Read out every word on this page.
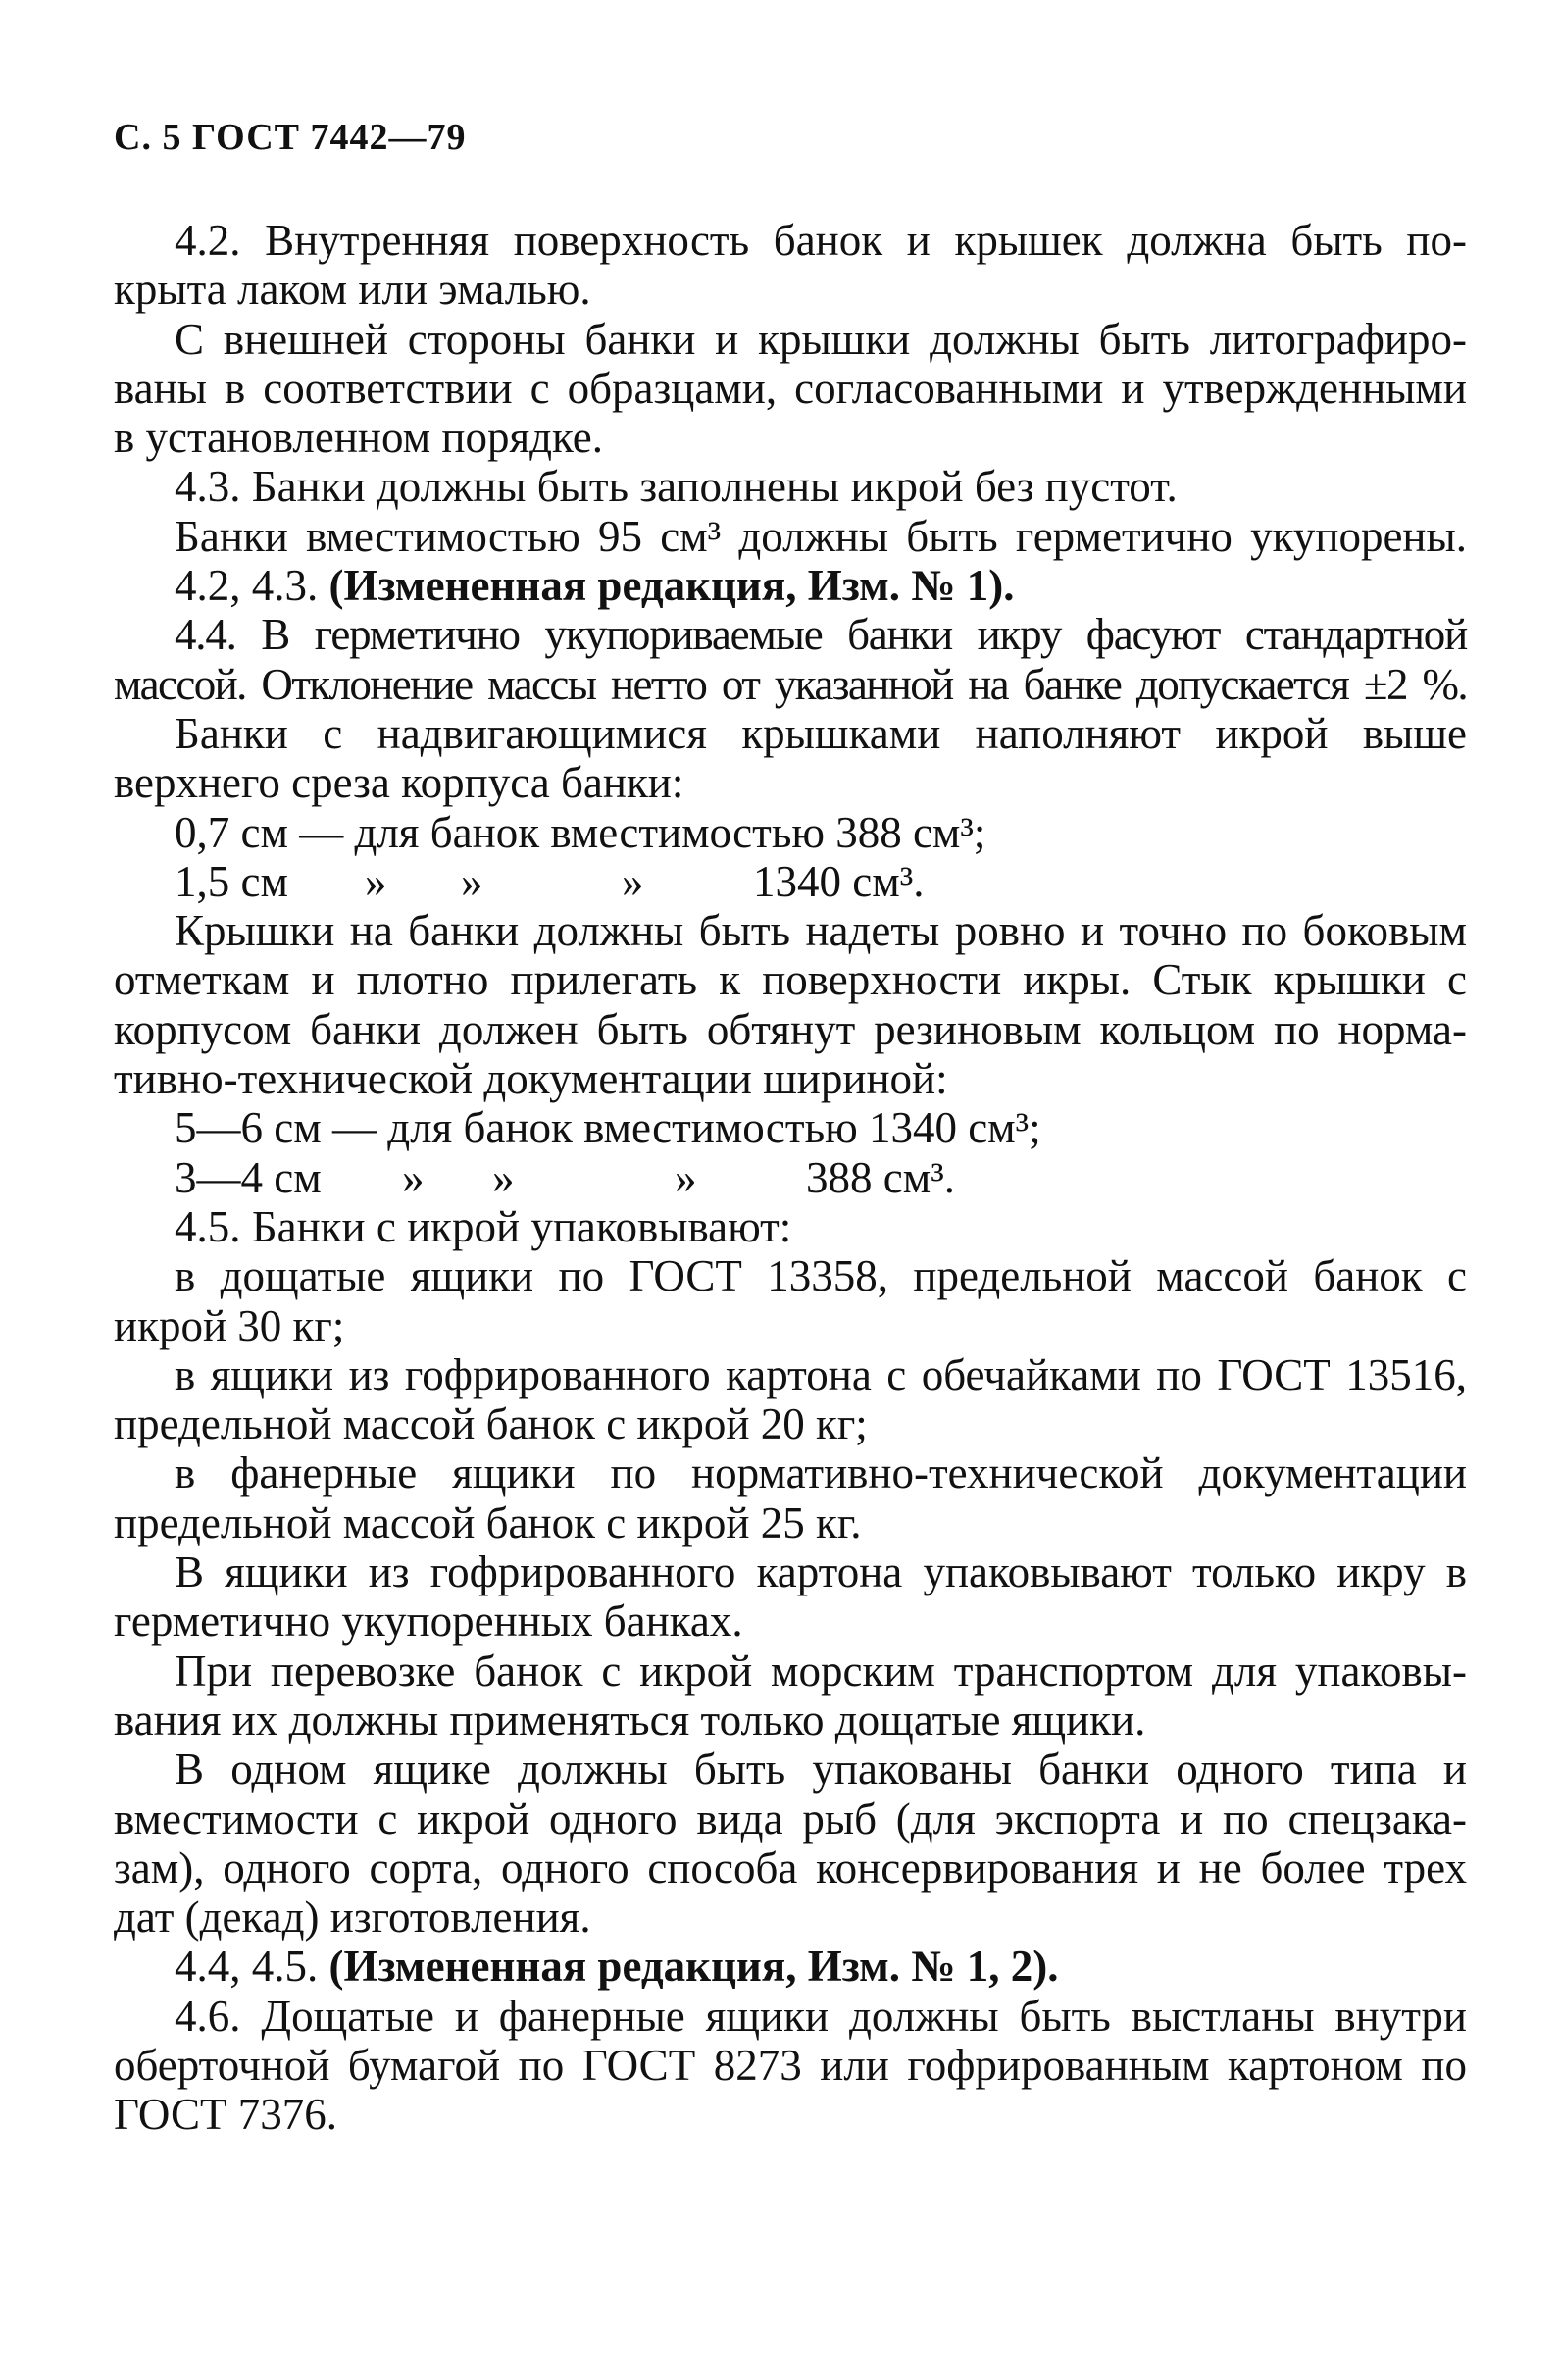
С. 5 ГОСТ 7442—79
4.2. Внутренняя поверхность банок и крышек должна быть по-
крыта лаком или эмалью.
С внешней стороны банки и крышки должны быть литографиро-
ваны в соответствии с образцами, согласованными и утвержденными
в установленном порядке.
4.3. Банки должны быть заполнены икрой без пустот.
Банки вместимостью 95 см³ должны быть герметично укупорены.
4.2, 4.3. (Измененная редакция, Изм. № 1).
4.4. В герметично укупориваемые банки икру фасуют стандартной
массой. Отклонение массы нетто от указанной на банке допускается ±2 %.
Банки с надвигающимися крышками наполняют икрой выше
верхнего среза корпуса банки:
0,7 см — для банок вместимостью 388 см³;
1,5 см » »	» 1340 см³.
Крышки на банки должны быть надеты ровно и точно по боковым
отметкам и плотно прилегать к поверхности икры. Стык крышки с
корпусом банки должен быть обтянут резиновым кольцом по норма-
тивно-технической документации шириной:
5—6 см — для банок вместимостью 1340 см³;
3—4 см » »	» 388 см³.
4.5. Банки с икрой упаковывают:
в дощатые ящики по ГОСТ 13358, предельной массой банок с
икрой 30 кг;
в ящики из гофрированного картона с обечайками по ГОСТ 13516,
предельной массой банок с икрой 20 кг;
в фанерные ящики по нормативно-технической документации
предельной массой банок с икрой 25 кг.
В ящики из гофрированного картона упаковывают только икру в
герметично укупоренных банках.
При перевозке банок с икрой морским транспортом для упаковы-
вания их должны применяться только дощатые ящики.
В одном ящике должны быть упакованы банки одного типа и
вместимости с икрой одного вида рыб (для экспорта и по спецзака-
зам), одного сорта, одного способа консервирования и не более трех
дат (декад) изготовления.
4.4, 4.5. (Измененная редакция, Изм. № 1, 2).
4.6. Дощатые и фанерные ящики должны быть выстланы внутри
оберточной бумагой по ГОСТ 8273 или гофрированным картоном по
ГОСТ 7376.
